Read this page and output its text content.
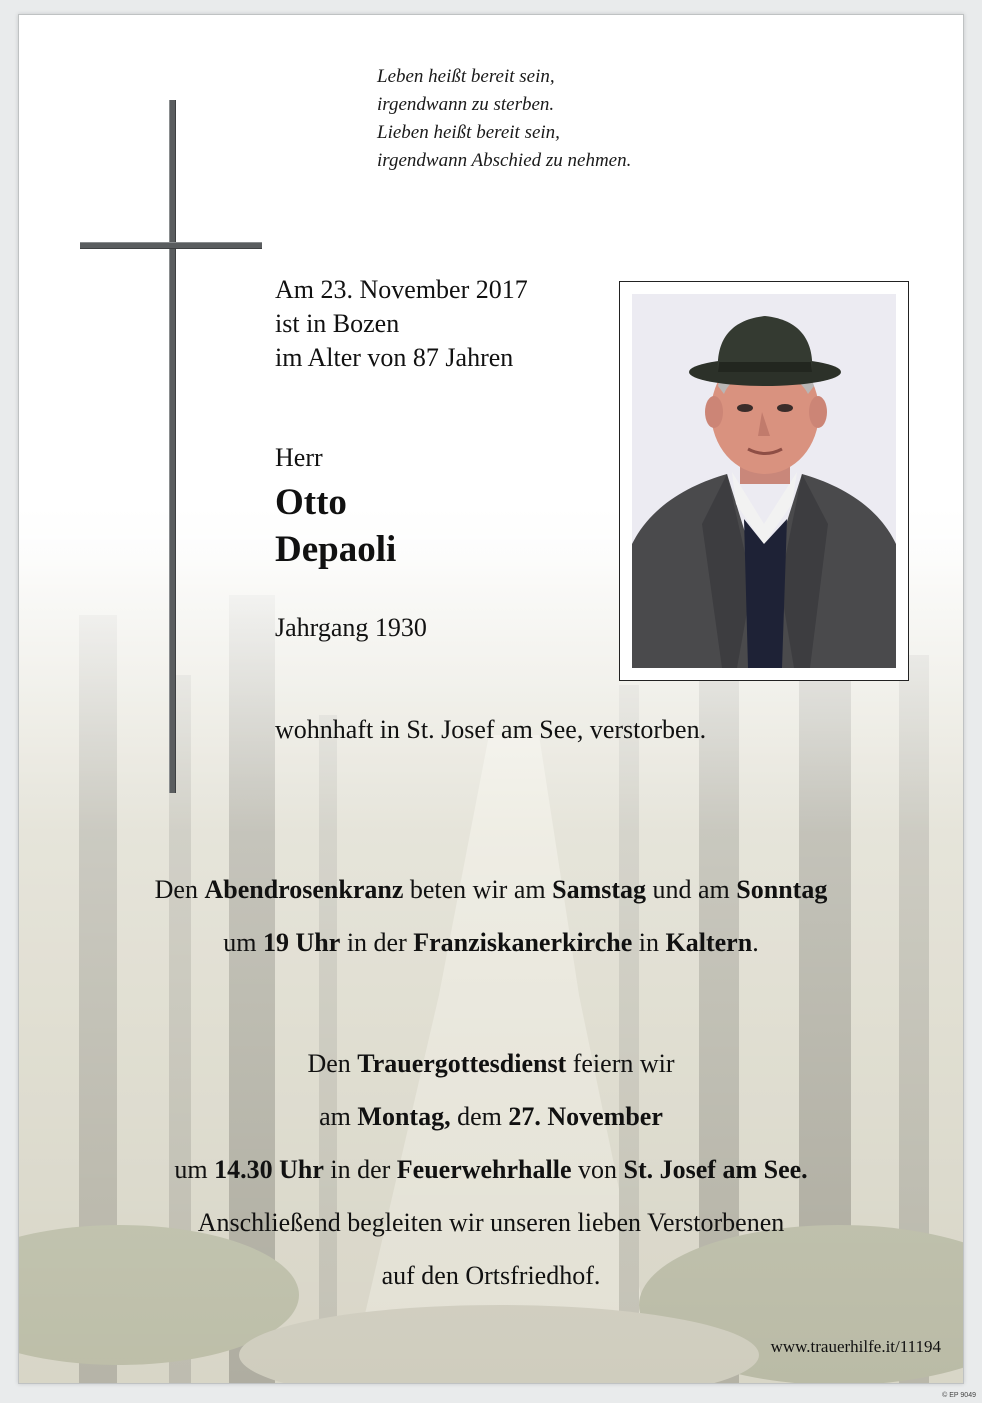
Leben heißt bereit sein,
irgendwann zu sterben.
Lieben heißt bereit sein,
irgendwann Abschied zu nehmen.
Am 23. November 2017
ist in Bozen
im Alter von 87 Jahren
Herr
Otto
Depaoli
Jahrgang 1930
wohnhaft in St. Josef am See, verstorben.
Den Abendrosenkranz beten wir am Samstag und am Sonntag
um 19 Uhr in der Franziskanerkirche in Kaltern.
Den Trauergottesdienst feiern wir
am Montag, dem 27. November
um 14.30 Uhr in der Feuerwehrhalle von St. Josef am See.
Anschließend begleiten wir unseren lieben Verstorbenen
auf den Ortsfriedhof.
www.trauerhilfe.it/11194
© EP 9049
